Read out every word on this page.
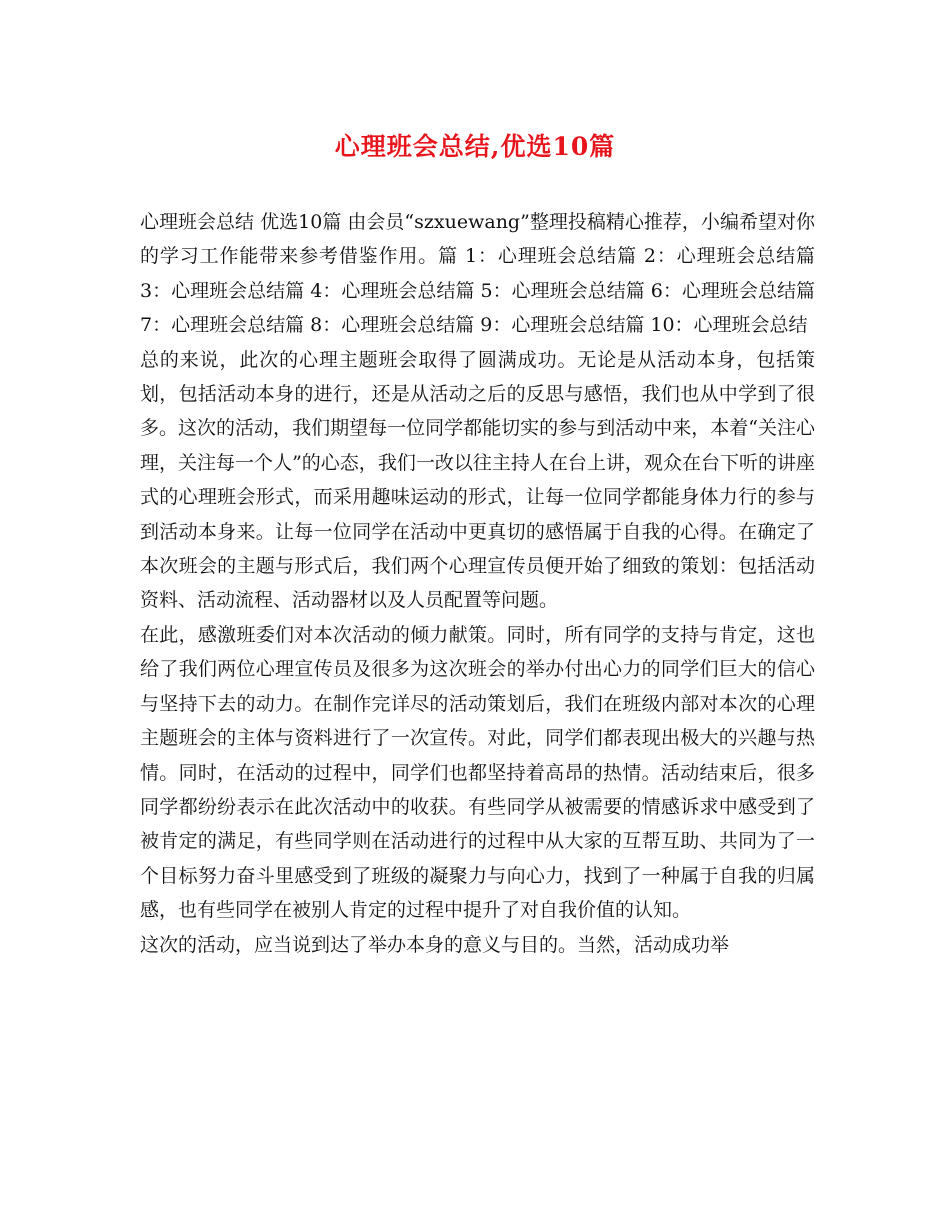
心理班会总结,优选10篇

心理班会总结 优选10篇 由会员“szxuewang”整理投稿精心推荐，小编希望对你的学习工作能带来参考借鉴作用。篇 1：心理班会总结篇 2：心理班会总结篇 3：心理班会总结篇 4：心理班会总结篇 5：心理班会总结篇 6：心理班会总结篇 7：心理班会总结篇 8：心理班会总结篇 9：心理班会总结篇 10：心理班会总结

总的来说，此次的心理主题班会取得了圆满成功。无论是从活动本身，包括策划，包括活动本身的进行，还是从活动之后的反思与感悟，我们也从中学到了很多。这次的活动，我们期望每一位同学都能切实的参与到活动中来，本着“关注心理，关注每一个人”的心态，我们一改以往主持人在台上讲，观众在台下听的讲座式的心理班会形式，而采用趣味运动的形式，让每一位同学都能身体力行的参与到活动本身来。让每一位同学在活动中更真切的感悟属于自我的心得。在确定了本次班会的主题与形式后，我们两个心理宣传员便开始了细致的策划：包括活动资料、活动流程、活动器材以及人员配置等问题。

在此，感激班委们对本次活动的倾力献策。同时，所有同学的支持与肯定，这也给了我们两位心理宣传员及很多为这次班会的举办付出心力的同学们巨大的信心与坚持下去的动力。在制作完详尽的活动策划后，我们在班级内部对本次的心理主题班会的主体与资料进行了一次宣传。对此，同学们都表现出极大的兴趣与热情。同时，在活动的过程中，同学们也都坚持着高昂的热情。活动结束后，很多同学都纷纷表示在此次活动中的收获。有些同学从被需要的情感诉求中感受到了被肯定的满足，有些同学则在活动进行的过程中从大家的互帮互助、共同为了一个目标努力奋斗里感受到了班级的凝聚力与向心力，找到了一种属于自我的归属感，也有些同学在被别人肯定的过程中提升了对自我价值的认知。

这次的活动，应当说到达了举办本身的意义与目的。当然，活动成功举
